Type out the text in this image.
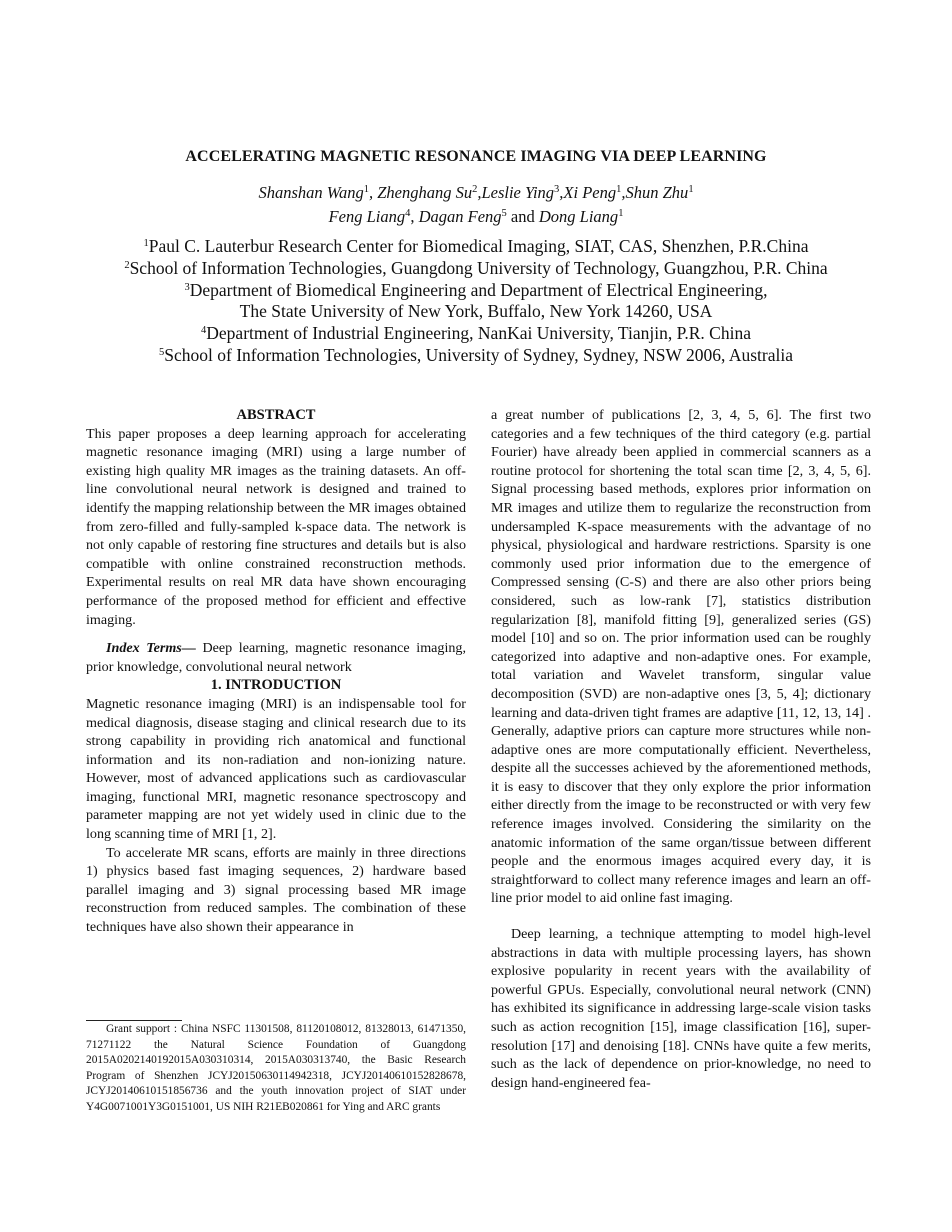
ACCELERATING MAGNETIC RESONANCE IMAGING VIA DEEP LEARNING
Shanshan Wang$^1$, Zhenghang Su$^2$,Leslie Ying$^3$,Xi Peng$^1$,Shun Zhu$^1$
Feng Liang$^4$, Dagan Feng$^5$ and Dong Liang$^1$
$^1$Paul C. Lauterbur Research Center for Biomedical Imaging, SIAT, CAS, Shenzhen, P.R.China
$^2$School of Information Technologies, Guangdong University of Technology, Guangzhou, P.R. China
$^3$Department of Biomedical Engineering and Department of Electrical Engineering,
The State University of New York, Buffalo, New York 14260, USA
$^4$Department of Industrial Engineering, NanKai University, Tianjin, P.R. China
$^5$School of Information Technologies, University of Sydney, Sydney, NSW 2006, Australia

ABSTRACT

This paper proposes a deep learning approach for accelerating magnetic resonance imaging (MRI) using a large number of existing high quality MR images as the training datasets. An off-line convolutional neural network is designed and trained to identify the mapping relationship between the MR images obtained from zero-filled and fully-sampled k-space data. The network is not only capable of restoring fine structures and details but is also compatible with online constrained reconstruction methods. Experimental results on real MR data have shown encouraging performance of the proposed method for efficient and effective imaging.

Index Terms— Deep learning, magnetic resonance imaging, prior knowledge, convolutional neural network

1. INTRODUCTION

Magnetic resonance imaging (MRI) is an indispensable tool for medical diagnosis, disease staging and clinical research due to its strong capability in providing rich anatomical and functional information and its non-radiation and non-ionizing nature. However, most of advanced applications such as cardiovascular imaging, functional MRI, magnetic resonance spectroscopy and parameter mapping are not yet widely used in clinic due to the long scanning time of MRI [1, 2].

To accelerate MR scans, efforts are mainly in three directions 1) physics based fast imaging sequences, 2) hardware based parallel imaging and 3) signal processing based MR image reconstruction from reduced samples. The combination of these techniques have also shown their appearance in

Grant support : China NSFC 11301508, 81120108012, 81328013, 61471350, 71271122 the Natural Science Foundation of Guangdong 2015A0202140192015A030310314, 2015A030313740, the Basic Research Program of Shenzhen JCYJ20150630114942318, JCYJ20140610152828678, JCYJ20140610151856736 and the youth innovation project of SIAT under Y4G0071001Y3G0151001, US NIH R21EB020861 for Ying and ARC grants

a great number of publications [2, 3, 4, 5, 6]. The first two categories and a few techniques of the third category (e.g. partial Fourier) have already been applied in commercial scanners as a routine protocol for shortening the total scan time [2, 3, 4, 5, 6]. Signal processing based methods, explores prior information on MR images and utilize them to regularize the reconstruction from undersampled K-space measurements with the advantage of no physical, physiological and hardware restrictions. Sparsity is one commonly used prior information due to the emergence of Compressed sensing (C-S) and there are also other priors being considered, such as low-rank [7], statistics distribution regularization [8], manifold fitting [9], generalized series (GS) model [10] and so on. The prior information used can be roughly categorized into adaptive and non-adaptive ones. For example, total variation and Wavelet transform, singular value decomposition (SVD) are non-adaptive ones [3, 5, 4]; dictionary learning and data-driven tight frames are adaptive [11, 12, 13, 14] . Generally, adaptive priors can capture more structures while non-adaptive ones are more computationally efficient. Nevertheless, despite all the successes achieved by the aforementioned methods, it is easy to discover that they only explore the prior information either directly from the image to be reconstructed or with very few reference images involved. Considering the similarity on the anatomic information of the same organ/tissue between different people and the enormous images acquired every day, it is straightforward to collect many reference images and learn an off-line prior model to aid online fast imaging.

Deep learning, a technique attempting to model high-level abstractions in data with multiple processing layers, has shown explosive popularity in recent years with the availability of powerful GPUs. Especially, convolutional neural network (CNN) has exhibited its significance in addressing large-scale vision tasks such as action recognition [15], image classification [16], super-resolution [17] and denoising [18]. CNNs have quite a few merits, such as the lack of dependence on prior-knowledge, no need to design hand-engineered fea-
